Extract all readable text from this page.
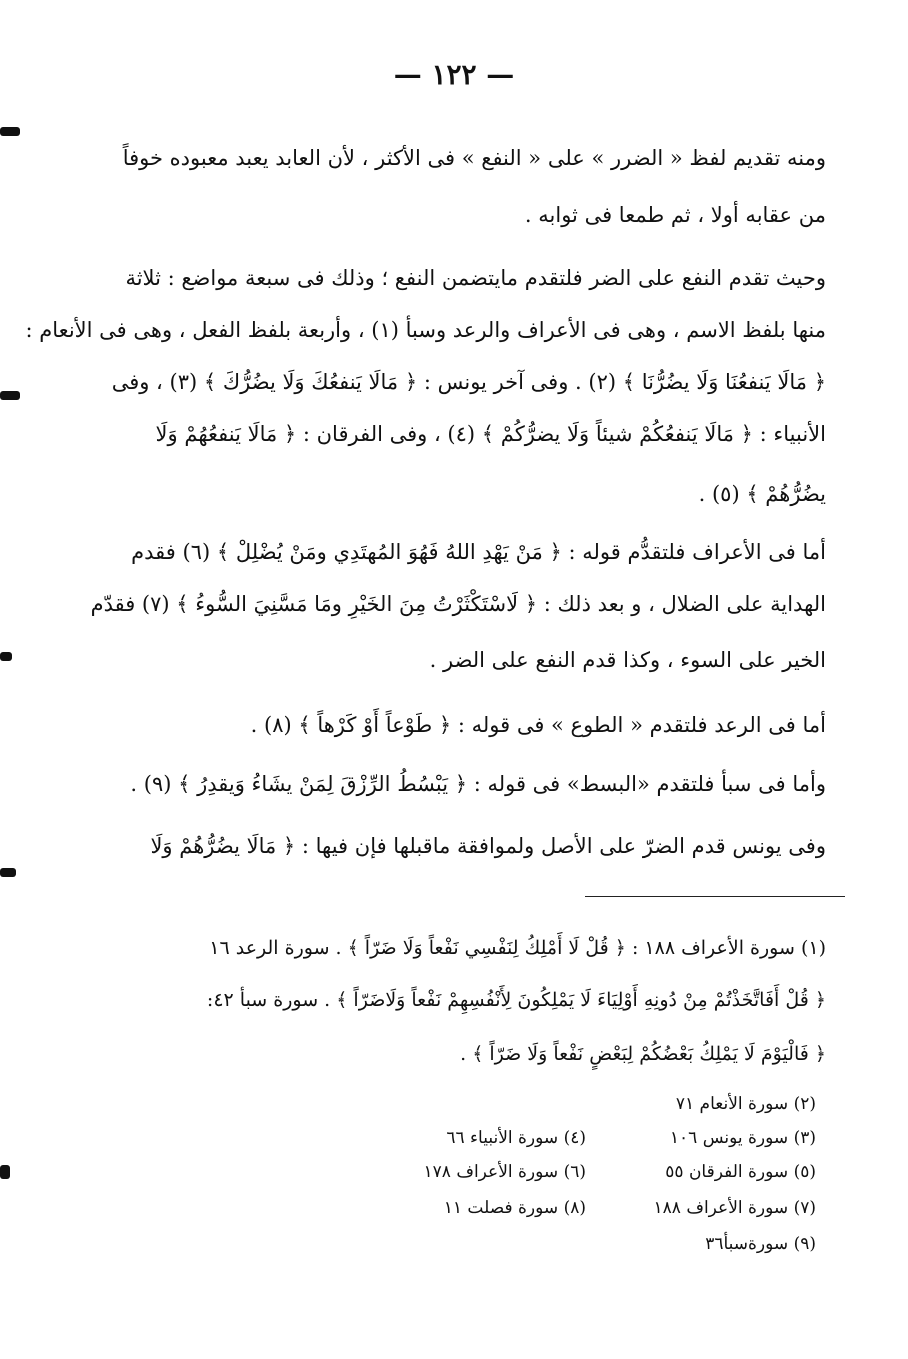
— ١٢٢ —
ومنه تقديم لفظ « الضرر » على « النفع » فى الأكثر ، لأن العابد يعبد معبوده خوفاً
من عقابه أولا ، ثم طمعا فى ثوابه .
وحيث تقدم النفع على الضر فلتقدم مايتضمن النفع ؛ وذلك فى سبعة مواضع : ثلاثة
منها بلفظ الاسم ، وهى فى الأعراف والرعد وسبأ (١) ، وأربعة بلفظ الفعل ، وهى فى الأنعام :
﴿ مَالَا يَنفعُنَا وَلَا يضُرُّنَا ﴾ (٢) . وفى آخر يونس : ﴿ مَالَا يَنفعُكَ وَلَا يضُرُّكَ ﴾ (٣) ، وفى
الأنبياء : ﴿ مَالَا يَنفعُكُمْ شيئاً وَلَا يضرُّكُمْ ﴾ (٤) ، وفى الفرقان : ﴿ مَالَا يَنفعُهُمْ وَلَا
يضُرُّهُمْ ﴾ (٥) .
أما فى الأعراف فلتقدُّم قوله : ﴿ مَنْ يَهْدِ اللهُ فَهُوَ المُهتَدِي ومَنْ يُضْلِلْ ﴾ (٦) فقدم
الهداية على الضلال ، و بعد ذلك : ﴿ لَاسْتَكْثَرْتُ مِنَ الخَيْرِ ومَا مَسَّنِيَ السُّوءُ ﴾ (٧) فقدّم
الخير على السوء ، وكذا قدم النفع على الضر .
أما فى الرعد فلتقدم « الطوع » فى قوله : ﴿ طَوْعاً أَوْ كَرْهاً ﴾ (٨) .
وأما فى سبأ فلتقدم «البسط» فى قوله : ﴿ يَبْسُطُ الرِّزْقَ لِمَنْ يشَاءُ وَيقدِرُ ﴾ (٩) .
وفى يونس قدم الضرّ على الأصل ولموافقة ماقبلها فإن فيها : ﴿ مَالَا يضُرُّهُمْ وَلَا
(١) سورة الأعراف ١٨٨ : ﴿ قُلْ لَا أَمْلِكُ لِنَفْسِي نَفْعاً وَلَا ضَرّاً ﴾ . سورة الرعد ١٦
﴿ قُلْ أَفَاتَّخَذْتُمْ مِنْ دُونِهِ أَوْلِيَاءَ لَا يَمْلِكُونَ لِأَنْفُسِهِمْ نَفْعاً وَلَاضَرّاً ﴾ . سورة سبأ ٤٢:
﴿ فَالْيَوْمَ لَا يَمْلِكُ بَعْضُكُمْ لِبَعْضٍ نَفْعاً وَلَا ضَرّاً ﴾ .
(٢) سورة الأنعام ٧١
(٣) سورة يونس ١٠٦
(٤) سورة الأنبياء ٦٦
(٥) سورة الفرقان ٥٥
(٦) سورة الأعراف ١٧٨
(٧) سورة الأعراف ١٨٨
(٨) سورة فصلت ١١
(٩) سورةسبأ٣٦
